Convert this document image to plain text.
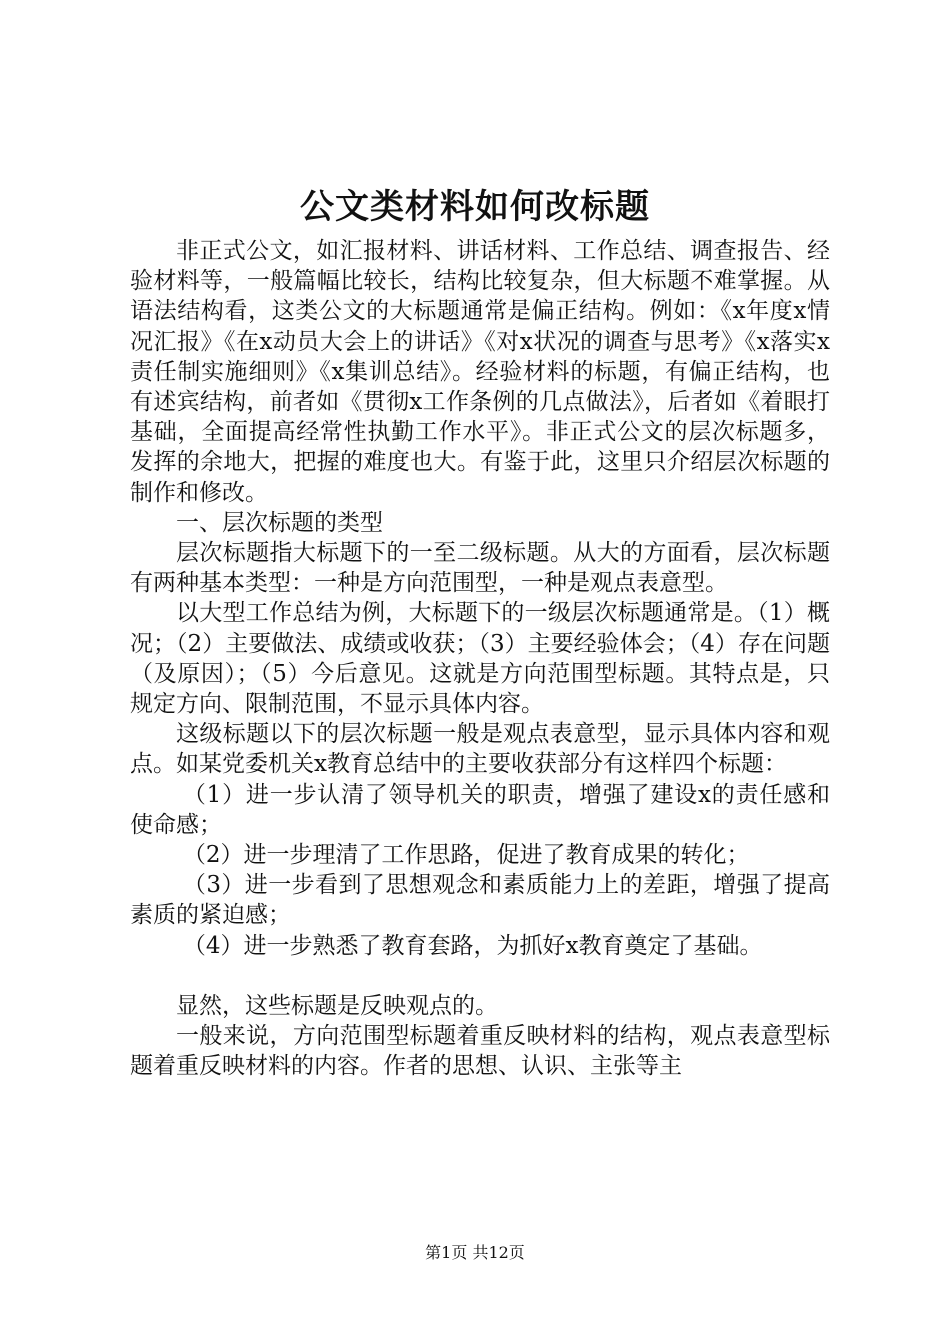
公文类材料如何改标题

非正式公文，如汇报材料、讲话材料、工作总结、调查报告、经验材料等，一般篇幅比较长，结构比较复杂，但大标题不难掌握。从语法结构看，这类公文的大标题通常是偏正结构。例如：《x年度x情况汇报》《在x动员大会上的讲话》《对x状况的调查与思考》《x落实x责任制实施细则》《x集训总结》。经验材料的标题，有偏正结构，也有述宾结构，前者如《贯彻x工作条例的几点做法》，后者如《着眼打基础，全面提高经常性执勤工作水平》。非正式公文的层次标题多，发挥的余地大，把握的难度也大。有鉴于此，这里只介绍层次标题的制作和修改。

一、层次标题的类型

层次标题指大标题下的一至二级标题。从大的方面看，层次标题有两种基本类型：一种是方向范围型，一种是观点表意型。

以大型工作总结为例，大标题下的一级层次标题通常是。（1）概况；（2）主要做法、成绩或收获；（3）主要经验体会；（4）存在问题（及原因）；（5）今后意见。这就是方向范围型标题。其特点是，只规定方向、限制范围，不显示具体内容。

这级标题以下的层次标题一般是观点表意型，显示具体内容和观点。如某党委机关x教育总结中的主要收获部分有这样四个标题：

（1）进一步认清了领导机关的职责，增强了建设x的责任感和使命感；

（2）进一步理清了工作思路，促进了教育成果的转化；

（3）进一步看到了思想观念和素质能力上的差距，增强了提高素质的紧迫感；

（4）进一步熟悉了教育套路，为抓好x教育奠定了基础。

显然，这些标题是反映观点的。

一般来说，方向范围型标题着重反映材料的结构，观点表意型标题着重反映材料的内容。作者的思想、认识、主张等主

第1页 共12页
